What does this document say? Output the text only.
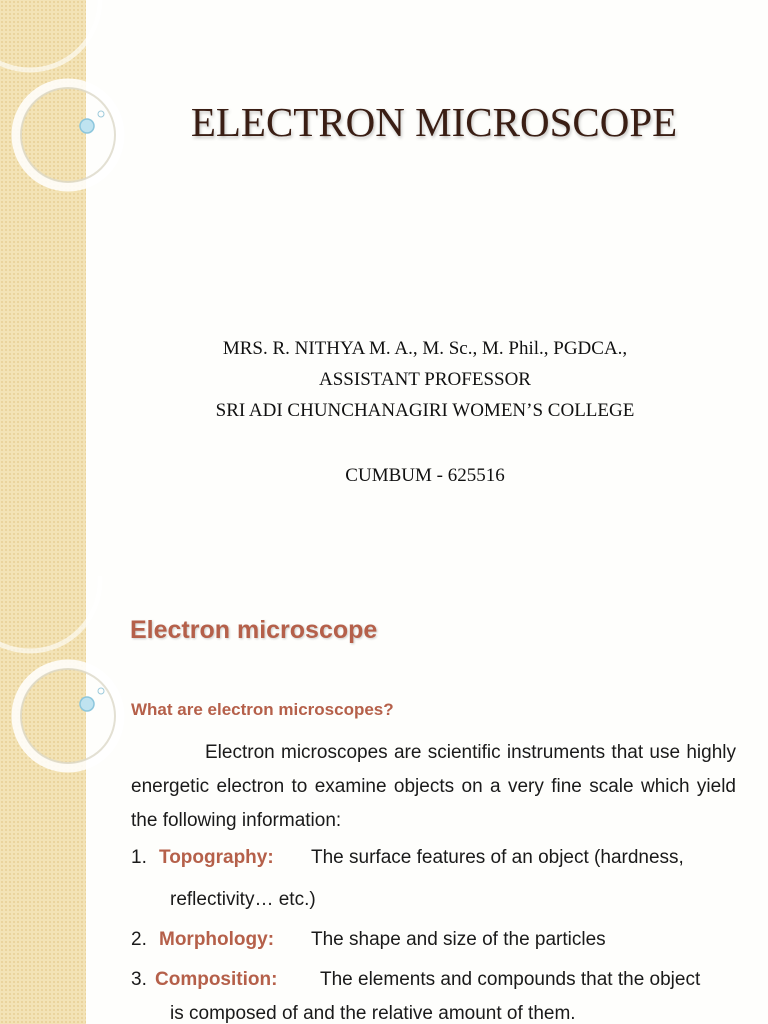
ELECTRON MICROSCOPE
MRS. R. NITHYA M. A., M. Sc., M. Phil., PGDCA.,
ASSISTANT PROFESSOR
SRI ADI CHUNCHANAGIRI WOMEN’S COLLEGE
CUMBUM - 625516
Electron microscope
What are electron microscopes?

Electron microscopes are scientific instruments that use highly energetic electron to examine objects on a very fine scale which yield the following information:

1. Topography: The surface features of an object (hardness,
reflectivity… etc.)
2. Morphology: The shape and size of the particles
3. Composition: The elements and compounds that the object
is composed of and the relative amount of them.
